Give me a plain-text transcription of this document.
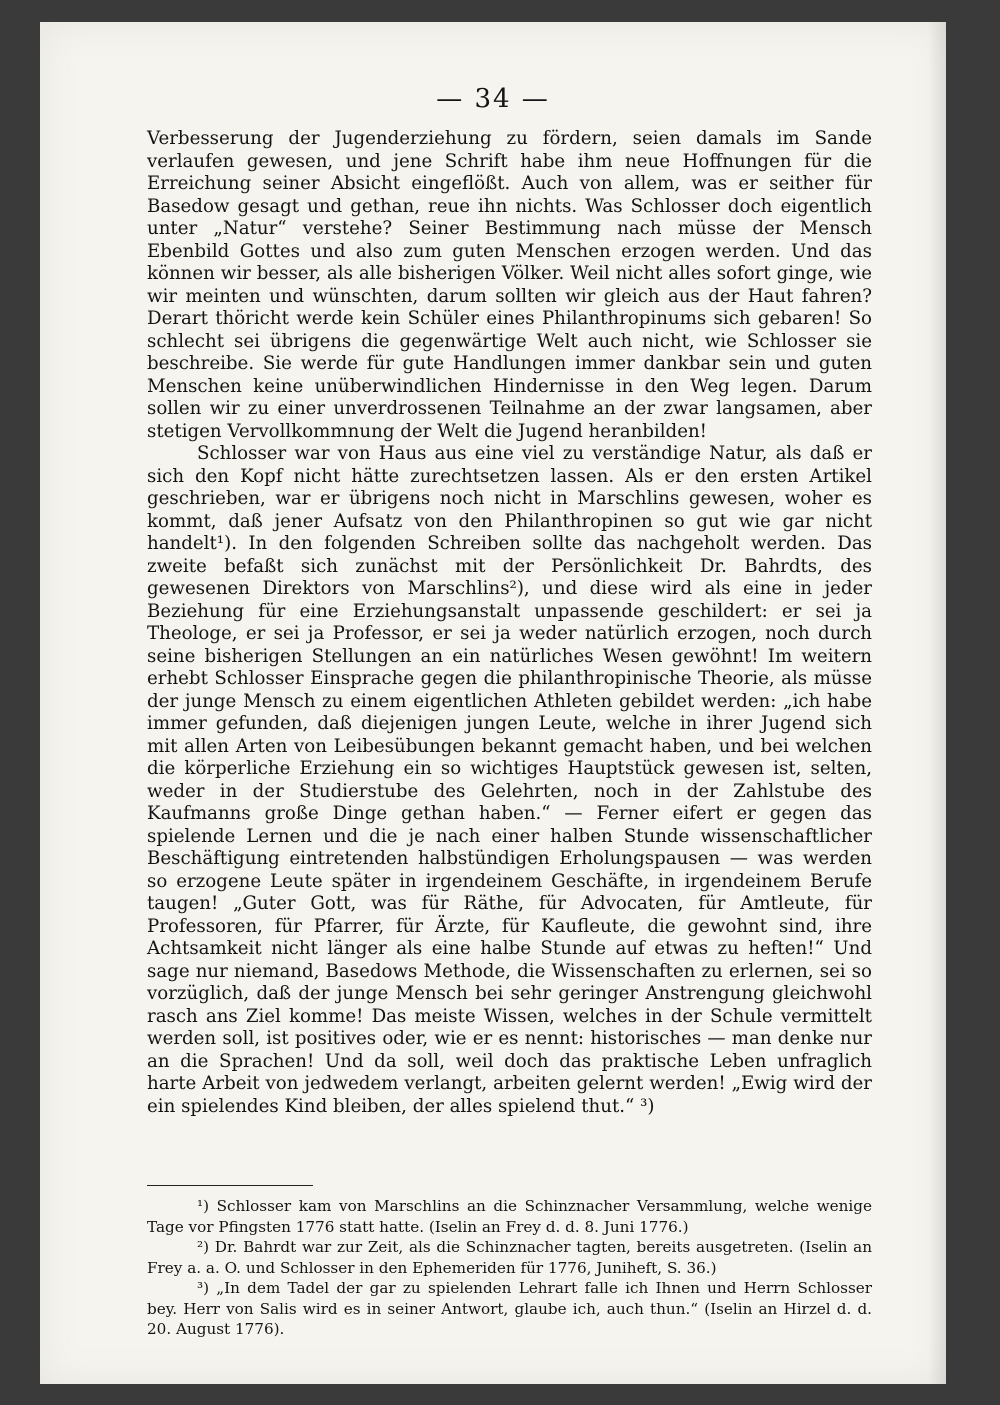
— 34 —

Verbesserung der Jugenderziehung zu fördern, seien damals im Sande verlaufen gewesen, und jene Schrift habe ihm neue Hoffnungen für die Erreichung seiner Absicht eingeflößt. Auch von allem, was er seither für Basedow gesagt und gethan, reue ihn nichts. Was Schlosser doch eigentlich unter „Natur“ verstehe? Seiner Bestimmung nach müsse der Mensch Ebenbild Gottes und also zum guten Menschen erzogen werden. Und das können wir besser, als alle bisherigen Völker. Weil nicht alles sofort ginge, wie wir meinten und wünschten, darum sollten wir gleich aus der Haut fahren? Derart thöricht werde kein Schüler eines Philanthropinums sich gebaren! So schlecht sei übrigens die gegenwärtige Welt auch nicht, wie Schlosser sie beschreibe. Sie werde für gute Handlungen immer dankbar sein und guten Menschen keine unüberwindlichen Hindernisse in den Weg legen. Darum sollen wir zu einer unverdrossenen Teilnahme an der zwar langsamen, aber stetigen Vervollkommnung der Welt die Jugend heranbilden!

Schlosser war von Haus aus eine viel zu verständige Natur, als daß er sich den Kopf nicht hätte zurechtsetzen lassen. Als er den ersten Artikel geschrieben, war er übrigens noch nicht in Marschlins gewesen, woher es kommt, daß jener Aufsatz von den Philanthropinen so gut wie gar nicht handelt¹). In den folgenden Schreiben sollte das nachgeholt werden. Das zweite befaßt sich zunächst mit der Persönlichkeit Dr. Bahrdts, des gewesenen Direktors von Marschlins²), und diese wird als eine in jeder Beziehung für eine Erziehungsanstalt unpassende geschildert: er sei ja Theologe, er sei ja Professor, er sei ja weder natürlich erzogen, noch durch seine bisherigen Stellungen an ein natürliches Wesen gewöhnt! Im weitern erhebt Schlosser Einsprache gegen die philanthropinische Theorie, als müsse der junge Mensch zu einem eigentlichen Athleten gebildet werden: „ich habe immer gefunden, daß diejenigen jungen Leute, welche in ihrer Jugend sich mit allen Arten von Leibesübungen bekannt gemacht haben, und bei welchen die körperliche Erziehung ein so wichtiges Hauptstück gewesen ist, selten, weder in der Studierstube des Gelehrten, noch in der Zahlstube des Kaufmanns große Dinge gethan haben.“ — Ferner eifert er gegen das spielende Lernen und die je nach einer halben Stunde wissenschaftlicher Beschäftigung eintretenden halbstündigen Erholungspausen — was werden so erzogene Leute später in irgendeinem Geschäfte, in irgendeinem Berufe taugen! „Guter Gott, was für Räthe, für Advocaten, für Amtleute, für Professoren, für Pfarrer, für Ärzte, für Kaufleute, die gewohnt sind, ihre Achtsamkeit nicht länger als eine halbe Stunde auf etwas zu heften!“ Und sage nur niemand, Basedows Methode, die Wissenschaften zu erlernen, sei so vorzüglich, daß der junge Mensch bei sehr geringer Anstrengung gleichwohl rasch ans Ziel komme! Das meiste Wissen, welches in der Schule vermittelt werden soll, ist positives oder, wie er es nennt: historisches — man denke nur an die Sprachen! Und da soll, weil doch das praktische Leben unfraglich harte Arbeit von jedwedem verlangt, arbeiten gelernt werden! „Ewig wird der ein spielendes Kind bleiben, der alles spielend thut.“ ³)

¹) Schlosser kam von Marschlins an die Schinznacher Versammlung, welche wenige Tage vor Pfingsten 1776 statt hatte. (Iselin an Frey d. d. 8. Juni 1776.)

²) Dr. Bahrdt war zur Zeit, als die Schinznacher tagten, bereits ausgetreten. (Iselin an Frey a. a. O. und Schlosser in den Ephemeriden für 1776, Juniheft, S. 36.)

³) „In dem Tadel der gar zu spielenden Lehrart falle ich Ihnen und Herrn Schlosser bey. Herr von Salis wird es in seiner Antwort, glaube ich, auch thun.“ (Iselin an Hirzel d. d. 20. August 1776).
